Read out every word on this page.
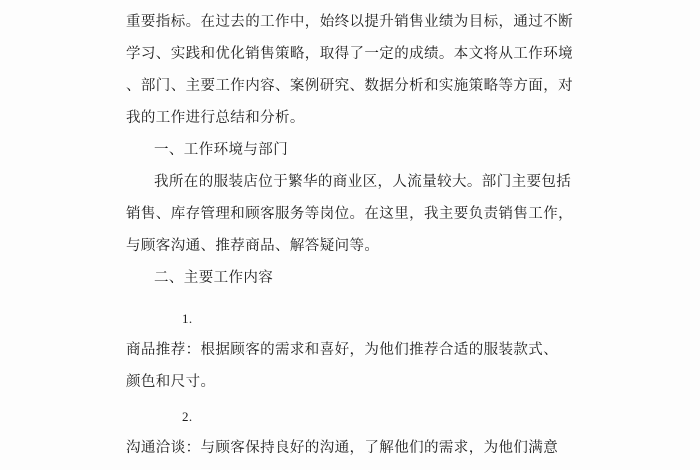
重要指标。在过去的工作中，始终以提升销售业绩为目标，通过不断
学习、实践和优化销售策略，取得了一定的成绩。本文将从工作环境
、部门、主要工作内容、案例研究、数据分析和实施策略等方面，对
我的工作进行总结和分析。
一、工作环境与部门
我所在的服装店位于繁华的商业区，人流量较大。部门主要包括
销售、库存管理和顾客服务等岗位。在这里，我主要负责销售工作，
与顾客沟通、推荐商品、解答疑问等。
二、主要工作内容
1.
商品推荐：根据顾客的需求和喜好，为他们推荐合适的服装款式、
颜色和尺寸。
2.
沟通洽谈：与顾客保持良好的沟通，了解他们的需求，为他们满意
